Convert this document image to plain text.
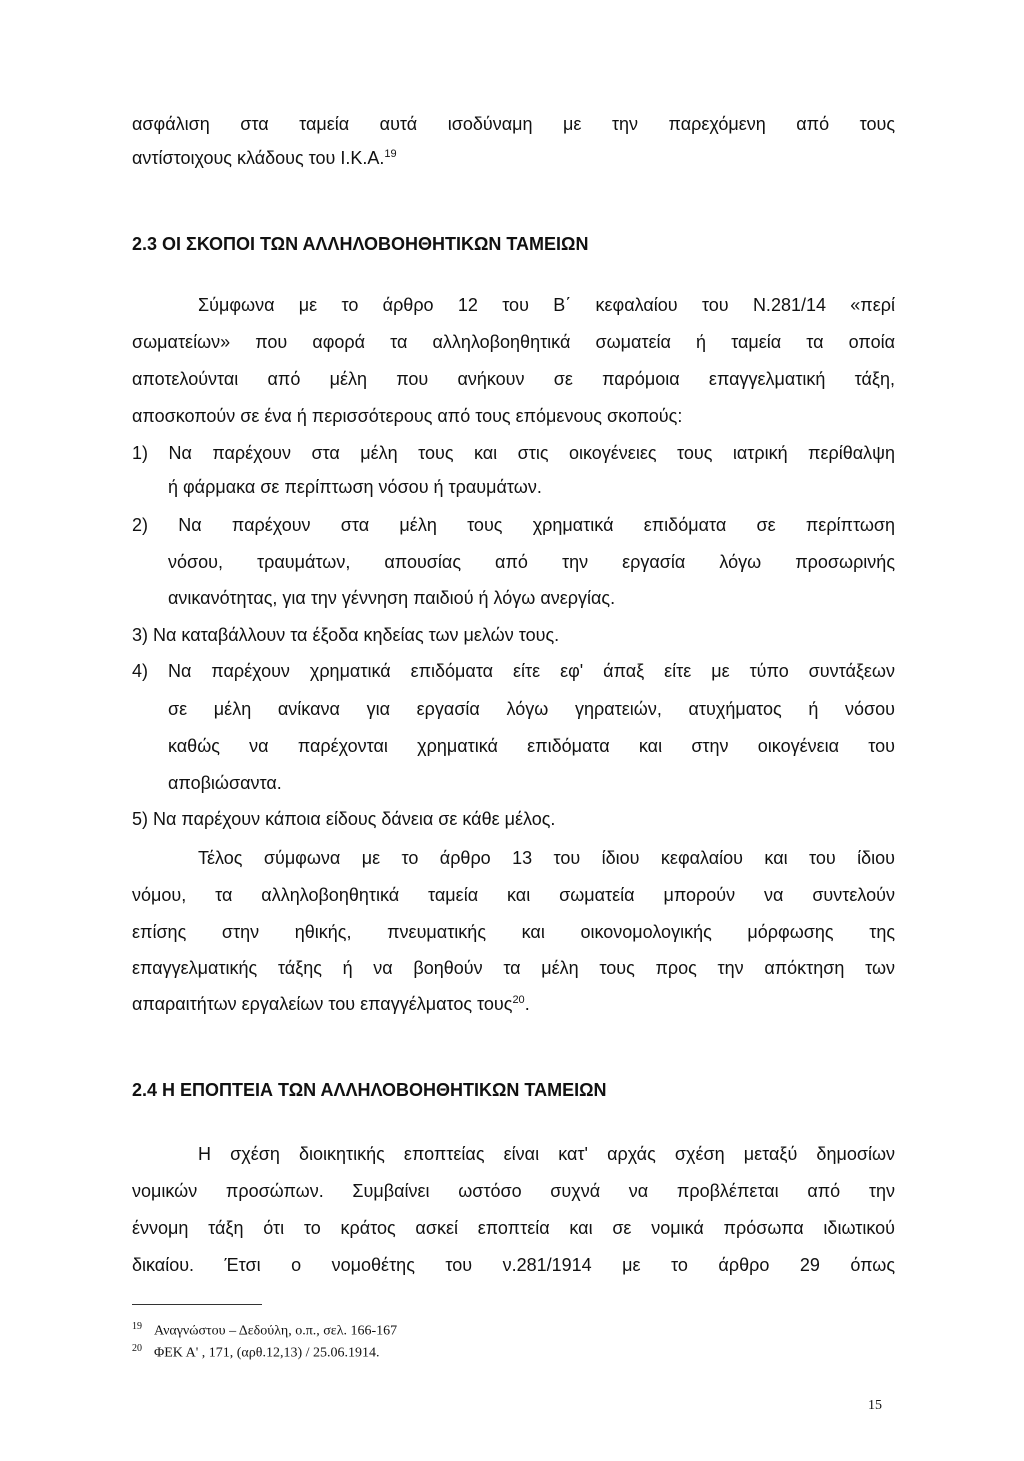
ασφάλιση στα ταμεία αυτά ισοδύναμη με την παρεχόμενη από τους
αντίστοιχους κλάδους του Ι.Κ.Α.$^{19}$
2.3 ΟΙ ΣΚΟΠΟΙ ΤΩΝ ΑΛΛΗΛΟΒΟΗΘΗΤΙΚΩΝ ΤΑΜΕΙΩΝ
Σύμφωνα με το άρθρο 12 του Β΄ κεφαλαίου του Ν.281/14 «περί
σωματείων» που αφορά τα αλληλοβοηθητικά σωματεία ή ταμεία τα οποία
αποτελούνται από μέλη που ανήκουν σε παρόμοια επαγγελματική τάξη,
αποσκοπούν σε ένα ή περισσότερους από τους επόμενους σκοπούς:
1) Να παρέχουν στα μέλη τους και στις οικογένειες τους ιατρική περίθαλψη
ή φάρμακα σε περίπτωση νόσου ή τραυμάτων.
2) Να παρέχουν στα μέλη τους χρηματικά επιδόματα σε περίπτωση
νόσου, τραυμάτων, απουσίας από την εργασία λόγω προσωρινής
ανικανότητας, για την γέννηση παιδιού ή λόγω ανεργίας.
3) Να καταβάλλουν τα έξοδα κηδείας των μελών τους.
4) Να παρέχουν χρηματικά επιδόματα είτε εφ' άπαξ είτε με τύπο συντάξεων
σε μέλη ανίκανα για εργασία λόγω γηρατειών, ατυχήματος ή νόσου
καθώς να παρέχονται χρηματικά επιδόματα και στην οικογένεια του
αποβιώσαντα.
5) Να παρέχουν κάποια είδους δάνεια σε κάθε μέλος.
Τέλος σύμφωνα με το άρθρο 13 του ίδιου κεφαλαίου και του ίδιου
νόμου, τα αλληλοβοηθητικά ταμεία και σωματεία μπορούν να συντελούν
επίσης στην ηθικής, πνευματικής και οικονομολογικής μόρφωσης της
επαγγελματικής τάξης ή να βοηθούν τα μέλη τους προς την απόκτηση των
απαραιτήτων εργαλείων του επαγγέλματος τους$^{20}$.
2.4 Η ΕΠΟΠΤΕΙΑ ΤΩΝ ΑΛΛΗΛΟΒΟΗΘΗΤΙΚΩΝ ΤΑΜΕΙΩΝ
Η σχέση διοικητικής εποπτείας είναι κατ' αρχάς σχέση μεταξύ δημοσίων
νομικών προσώπων. Συμβαίνει ωστόσο συχνά να προβλέπεται από την
έννομη τάξη ότι το κράτος ασκεί εποπτεία και σε νομικά πρόσωπα ιδιωτικού
δικαίου. Έτσι ο νομοθέτης του ν.281/1914 με το άρθρο 29 όπως
19 Αναγνώστου – Δεδούλη, ο.π., σελ. 166-167
20 ΦΕΚ Α' , 171, (αρθ.12,13) / 25.06.1914.
15
